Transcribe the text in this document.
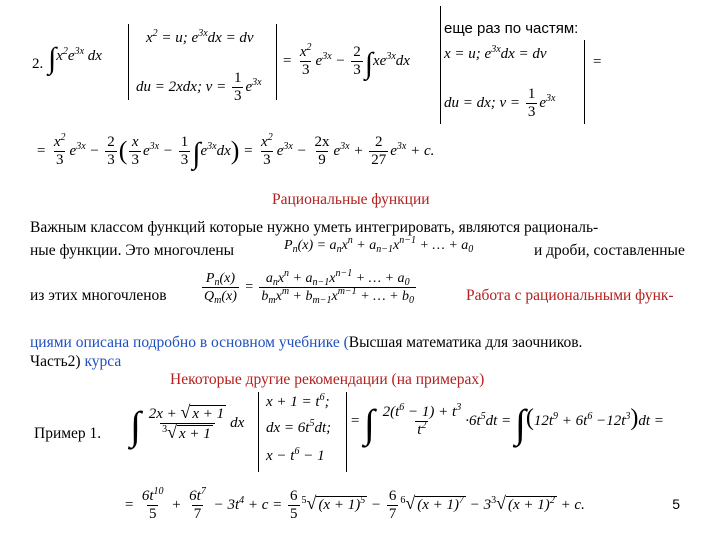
2. $\int x^2e^{3x}$ dx
$x^2 = u$; $e^{3x}dx$ = dv
du = 2xdx; $v = \frac{1}{3} e^{3x}$
= $\frac{x^2}{3} e^{3x} - \frac{2}{3} \int xe^{3x}dx$
еще раз по частям:
x = u; $e^{3x}dx$ = dv
du = dx; $v = \frac{1}{3} e^{3x}$
=
= $\frac{x^2}{3} e^{3x} - \frac{2}{3}$ ( $\frac{x}{3} e^{3x} - \frac{1}{3} \int e^{3x}dx) = \frac{x^2}{3} e^{3x} - \frac{2x}{9} e^{3x} + \frac{2}{27} e^{3x} + c$.
Рациональные функции
Важным классом функций которые нужно уметь интегрировать, являются рациональ-
ные функции. Это многочлены	$P_n(x) = a_nx^n + a_{n-1}x^{n-1}$ + … + $a_0$	и дроби, составленные
из этих многочленов	$\frac{P_n(x)}{Q_m(x)} = \frac{a_nx^n + a_{n-1}x^{n-1} + \dots + a_0}{b_mx^m + b_{m-1}x^{m-1} + \dots + b_0}$	Работа с рациональными функ-
циями описана подробно в основном учебнике (Высшая математика для заочников.
Часть2) курса
Некоторые другие рекомендации (на примерах)
Пример 1. ∫ $\frac{2x + √ x + 1}{^3√ x + 1}$ dx
$x + 1 = t^6$;
dx = $6t^5dt$;
$x - t^6 - 1$
= ∫ $\frac{2(t^6 - 1) + t^3}{t^2} \cdot 6t^5dt = \int(12t^9 + 6t^6 -12t^3)dt$ =
= $\frac{6t^{10}}{5} + \frac{6t^7}{7} - 3t^4 + c = \frac{6}{5} ^5√$ $(x + 1)^5 - \frac{6}{7} ^6√$ $(x + 1)^7 - 3^3√$ $(x + 1)^2 + c$.	5
